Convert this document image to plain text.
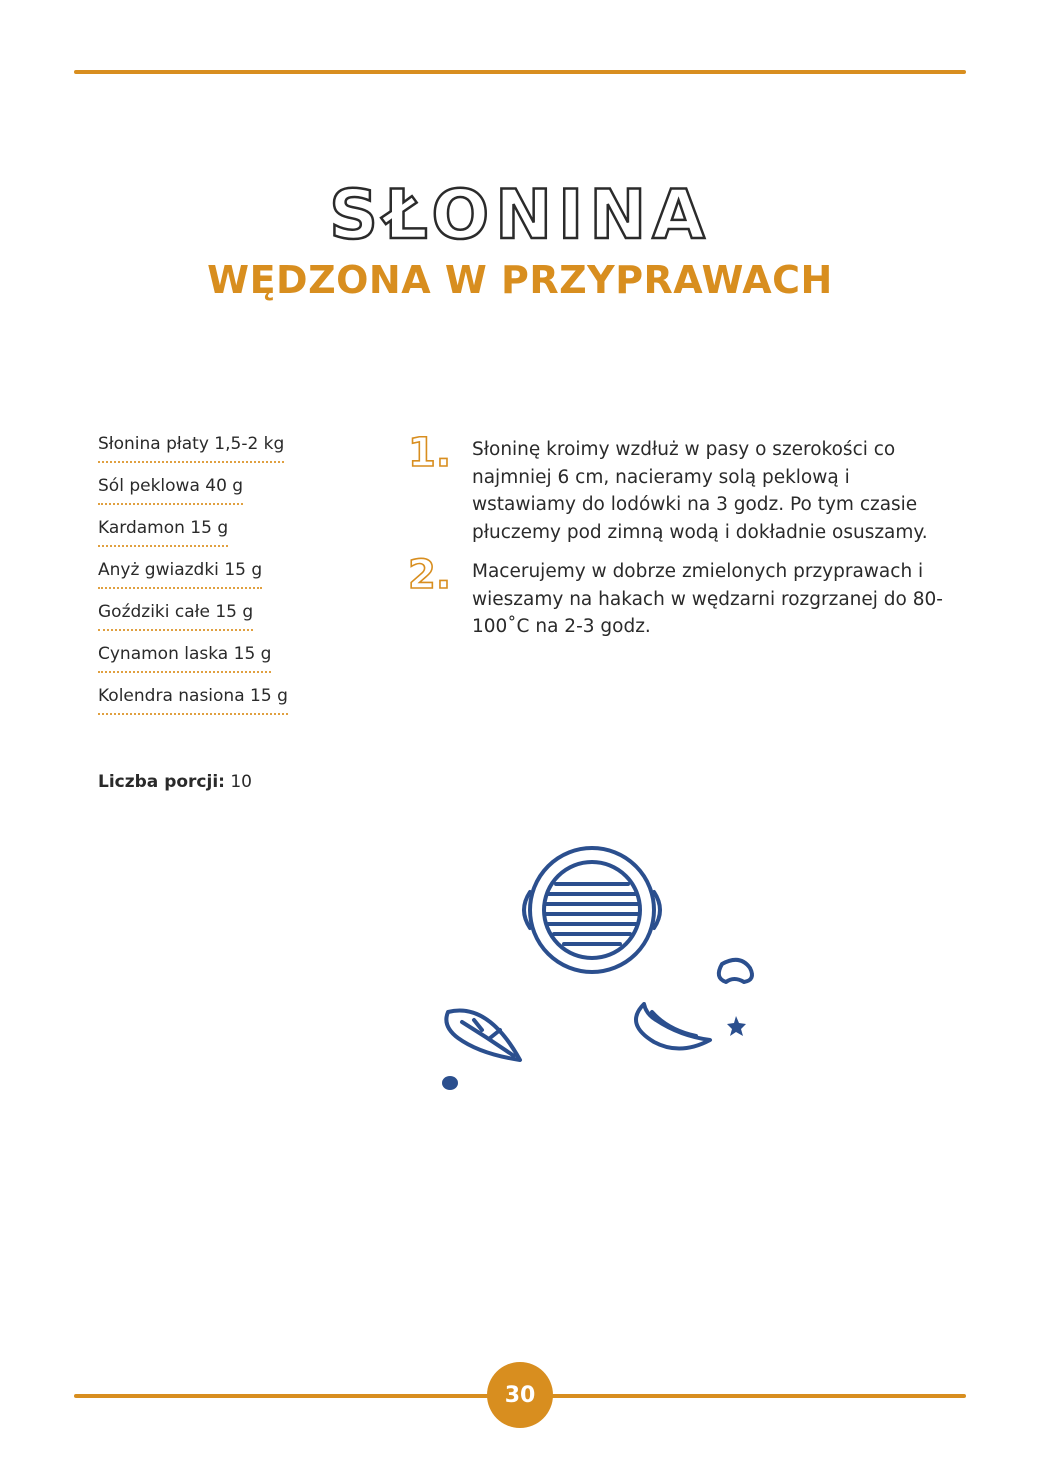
SŁONINA
WĘDZONA W PRZYPRAWACH
Słonina płaty 1,5-2 kg
Sól peklowa 40 g
Kardamon 15 g
Anyż gwiazdki 15 g
Goździki całe 15 g
Cynamon laska 15 g
Kolendra nasiona 15 g
Liczba porcji: 10
1. Słoninę kroimy wzdłuż w pasy o szerokości co najmniej 6 cm, nacieramy solą peklową i wstawiamy do lodówki na 3 godz. Po tym czasie płuczemy pod zimną wodą i dokładnie osuszamy.
2. Macerujemy w dobrze zmielonych przyprawach i wieszamy na hakach w wędzarni rozgrzanej do 80-100˚C na 2-3 godz.
30
